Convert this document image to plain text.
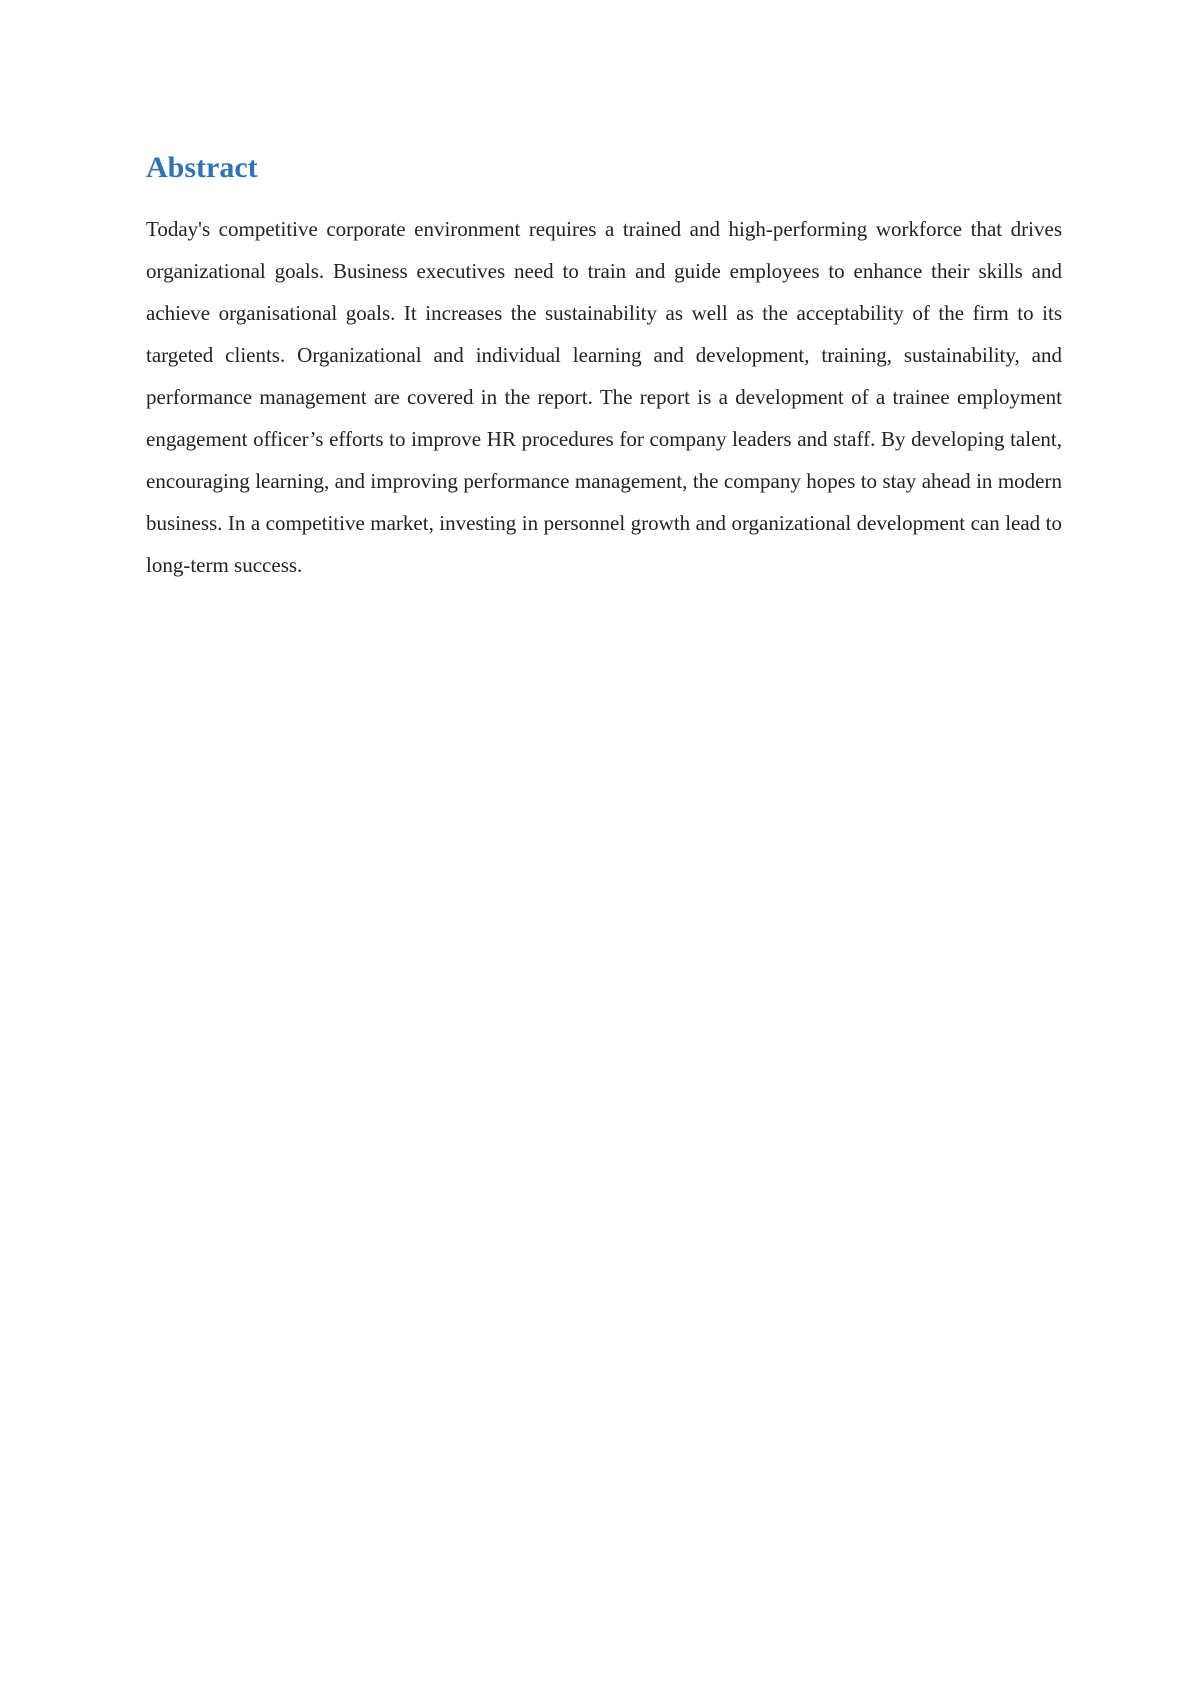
Abstract

Today's competitive corporate environment requires a trained and high-performing workforce that drives organizational goals. Business executives need to train and guide employees to enhance their skills and achieve organisational goals. It increases the sustainability as well as the acceptability of the firm to its targeted clients. Organizational and individual learning and development, training, sustainability, and performance management are covered in the report. The report is a development of a trainee employment engagement officer’s efforts to improve HR procedures for company leaders and staff. By developing talent, encouraging learning, and improving performance management, the company hopes to stay ahead in modern business. In a competitive market, investing in personnel growth and organizational development can lead to long-term success.
